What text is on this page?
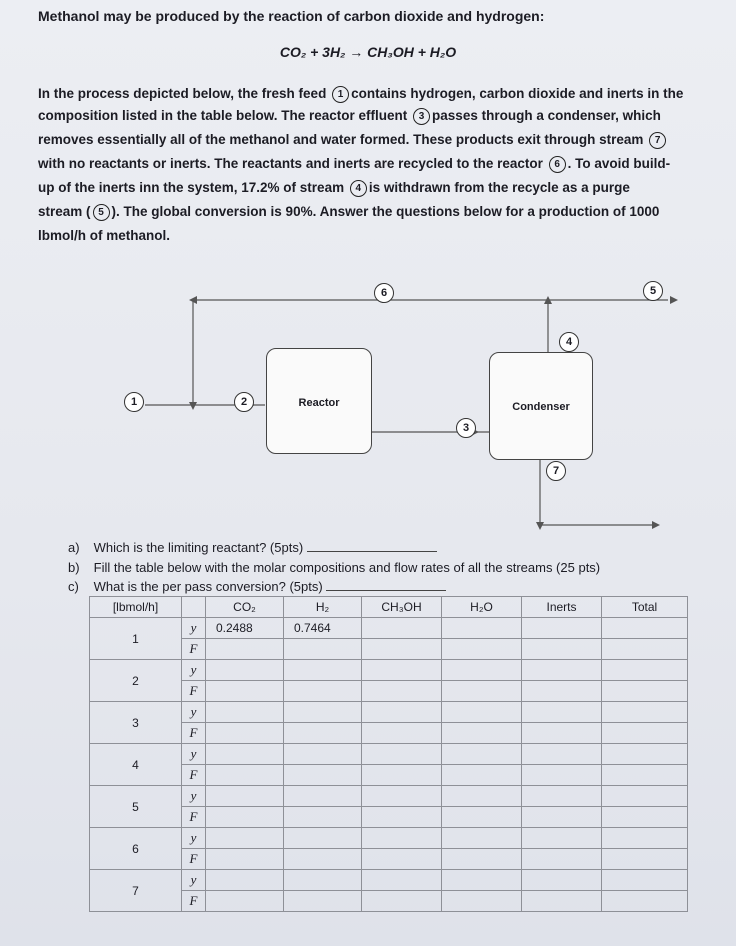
Methanol may be produced by the reaction of carbon dioxide and hydrogen:
CO₂ + 3H₂ → CH₃OH + H₂O
In the process depicted below, the fresh feed 1 contains hydrogen, carbon dioxide and inerts in the
composition listed in the table below. The reactor effluent 3 passes through a condenser, which
removes essentially all of the methanol and water formed. These products exit through stream 7
with no reactants or inerts. The reactants and inerts are recycled to the reactor 6 . To avoid build-
up of the inerts inn the system, 17.2% of stream 4 is withdrawn from the recycle as a purge
stream ( 5 ). The global conversion is 90%. Answer the questions below for a production of 1000
lbmol/h of methanol.
Reactor	Condenser
1	2
3
4
5
6
7
a) Which is the limiting reactant? (5pts)
b) Fill the table below with the molar compositions and flow rates of all the streams (25 pts)
c) What is the per pass conversion? (5pts)
[lbmol/h]		CO₂	H₂	CH₃OH	H₂O	Inerts	Total
1	y	0.2488	0.7464				
	F						
2	y						
	F						
3	y						
	F						
4	y						
	F						
5	y						
	F						
6	y						
	F						
7	y						
	F						
